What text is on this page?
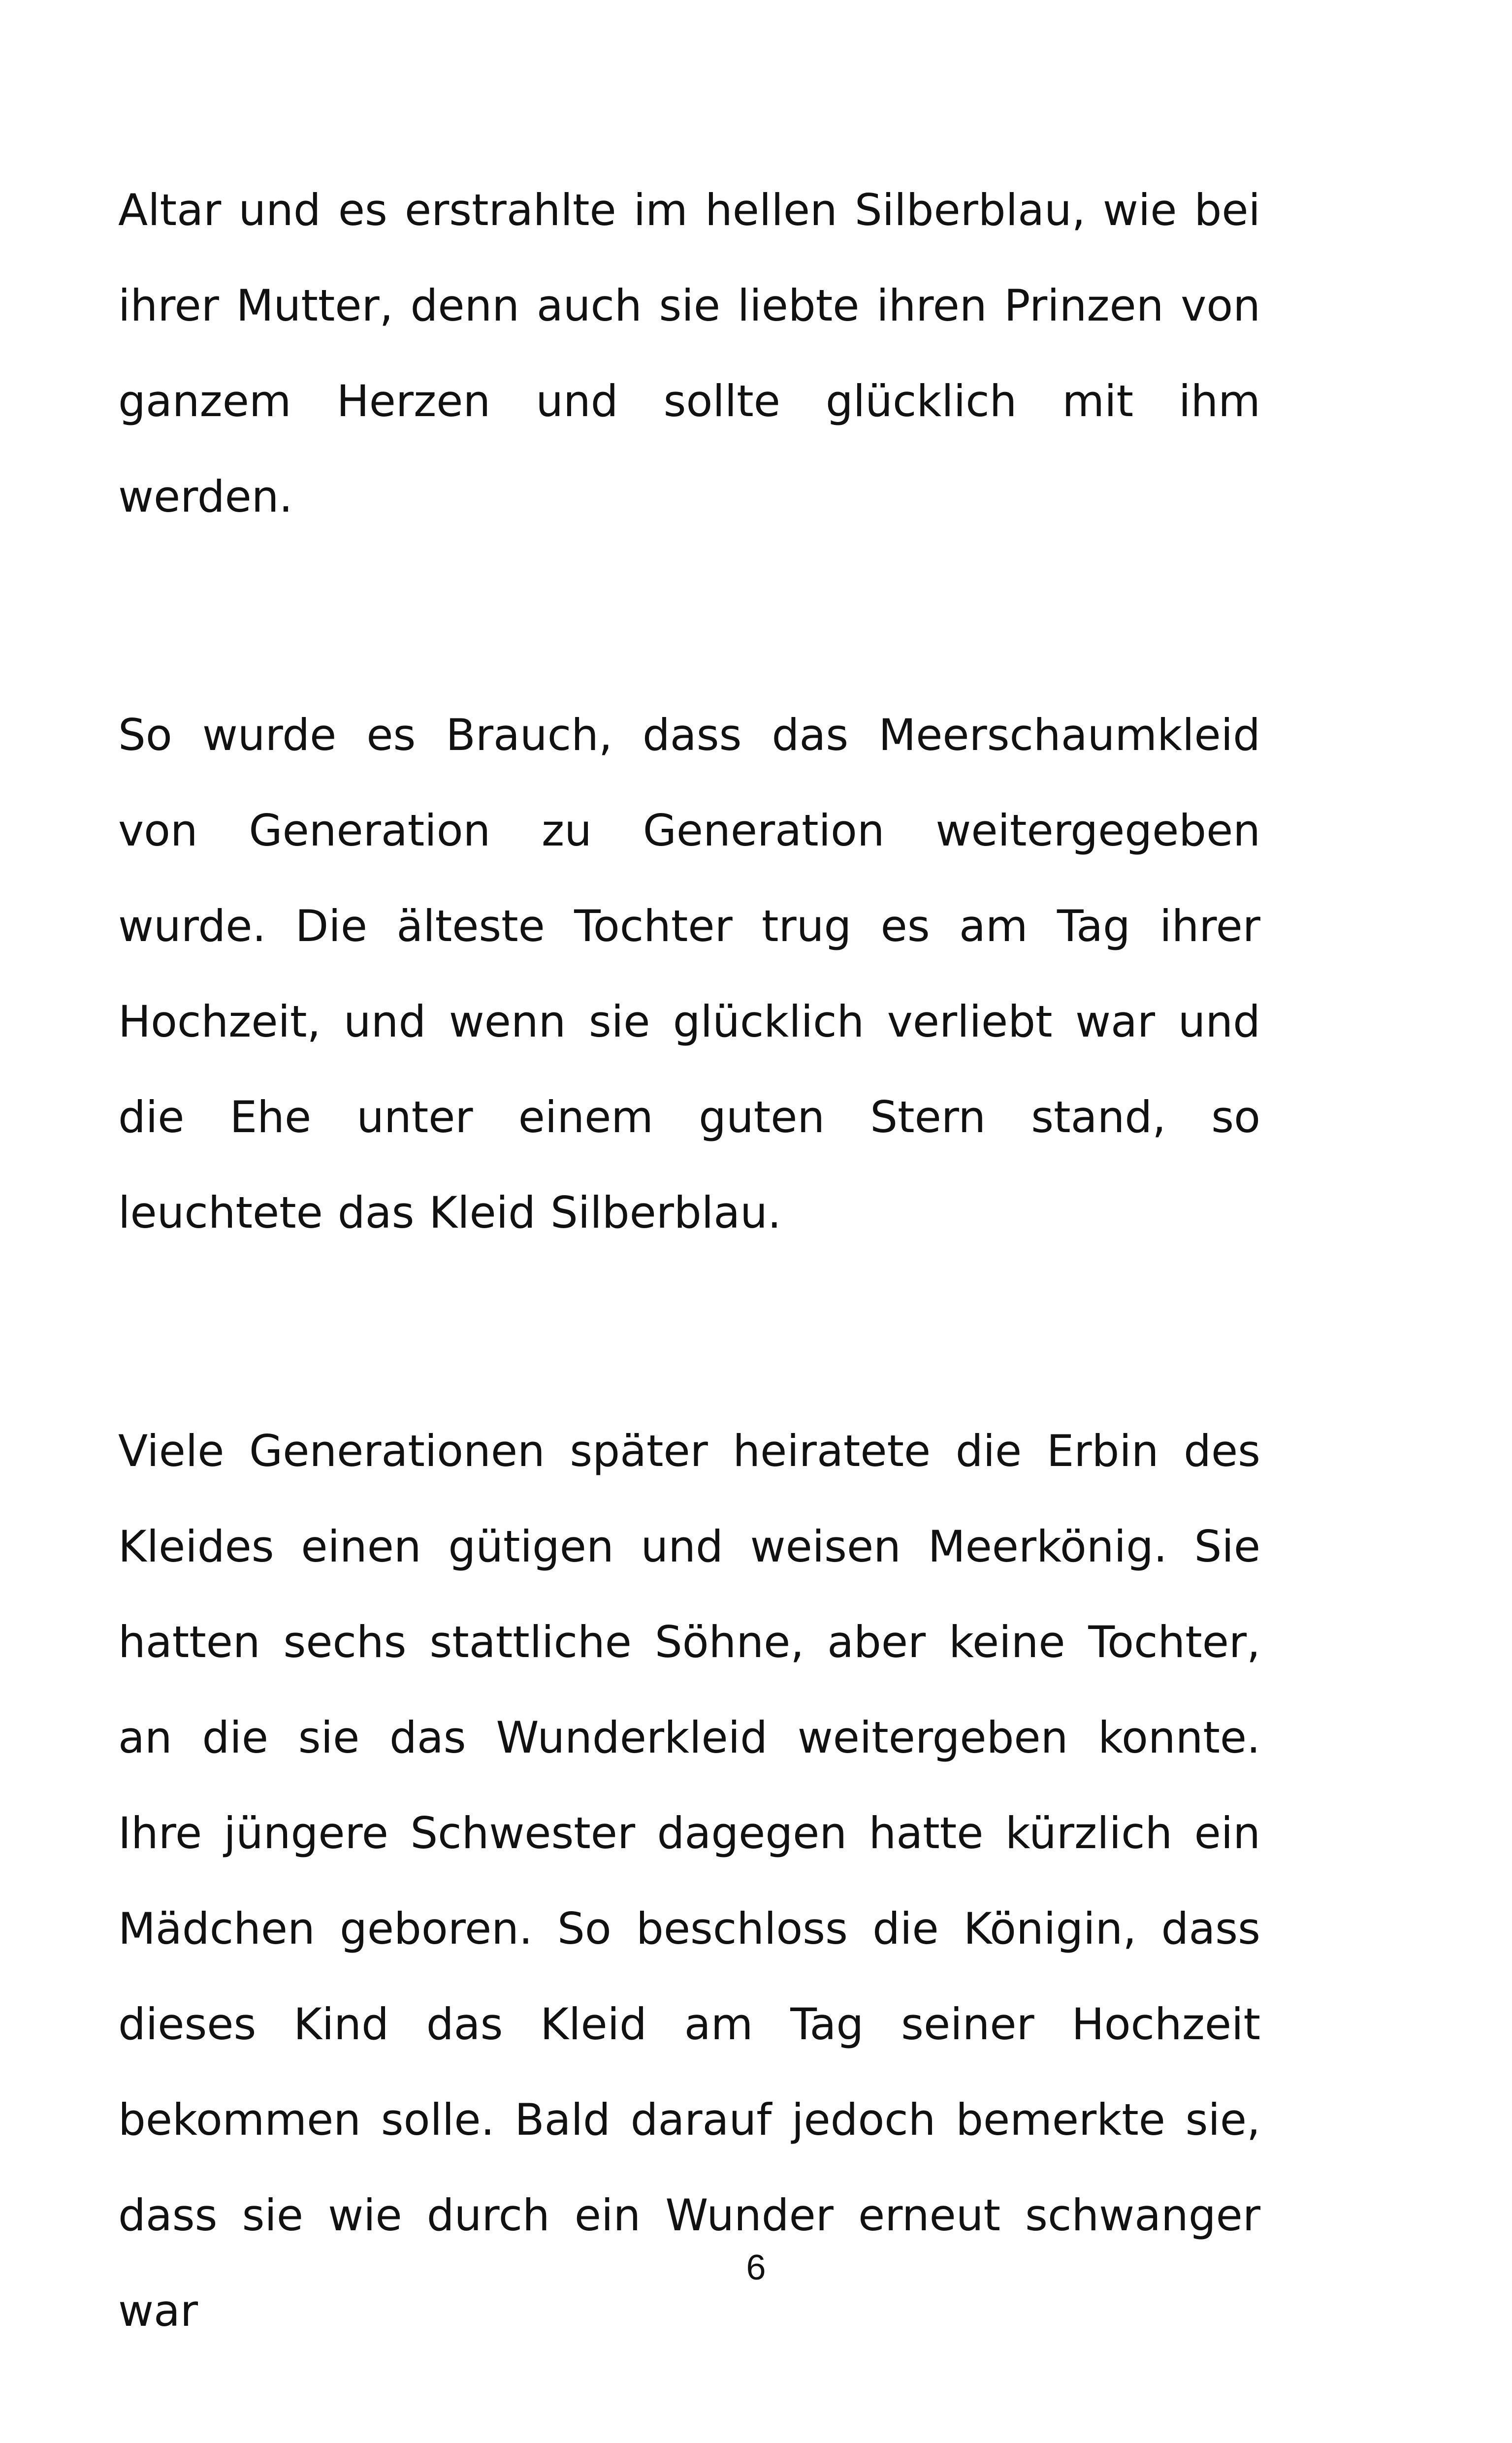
Altar und es erstrahlte im hellen Silberblau, wie bei ihrer Mutter, denn auch sie liebte ihren Prinzen von ganzem Herzen und sollte glücklich mit ihm werden.

So wurde es Brauch, dass das Meerschaumkleid von Generation zu Generation weitergegeben wurde. Die älteste Tochter trug es am Tag ihrer Hochzeit, und wenn sie glücklich verliebt war und die Ehe unter einem guten Stern stand, so leuchtete das Kleid Silberblau.

Viele Generationen später heiratete die Erbin des Kleides einen gütigen und weisen Meerkönig. Sie hatten sechs stattliche Söhne, aber keine Tochter, an die sie das Wunderkleid weitergeben konnte. Ihre jüngere Schwester dagegen hatte kürzlich ein Mädchen geboren. So beschloss die Königin, dass dieses Kind das Kleid am Tag seiner Hochzeit bekommen solle. Bald darauf jedoch bemerkte sie, dass sie wie durch ein Wunder erneut schwanger war

6
